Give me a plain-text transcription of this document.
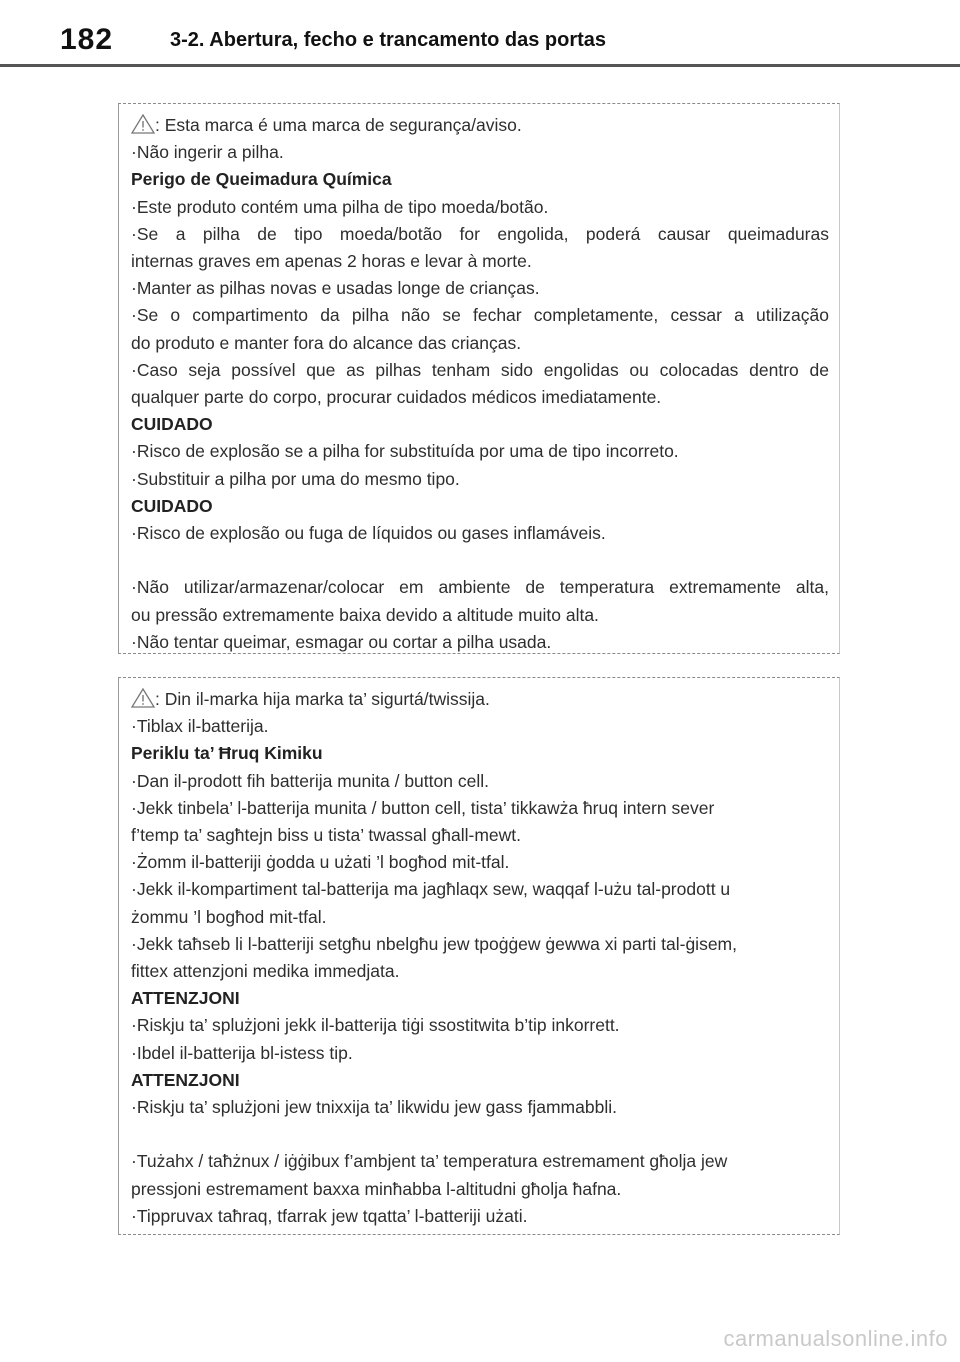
182	3-2. Abertura, fecho e trancamento das portas
: Esta marca é uma marca de segurança/aviso.
·Não ingerir a pilha.
Perigo de Queimadura Química
·Este produto contém uma pilha de tipo moeda/botão.
·Se a pilha de tipo moeda/botão for engolida, poderá causar queimaduras
internas graves em apenas 2 horas e levar à morte.
·Manter as pilhas novas e usadas longe de crianças.
·Se o compartimento da pilha não se fechar completamente, cessar a utilização
do produto e manter fora do alcance das crianças.
·Caso seja possível que as pilhas tenham sido engolidas ou colocadas dentro de
qualquer parte do corpo, procurar cuidados médicos imediatamente.
CUIDADO
·Risco de explosão se a pilha for substituída por uma de tipo incorreto.
·Substituir a pilha por uma do mesmo tipo.
CUIDADO
·Risco de explosão ou fuga de líquidos ou gases inflamáveis.
·Não utilizar/armazenar/colocar em ambiente de temperatura extremamente alta,
ou pressão extremamente baixa devido a altitude muito alta.
·Não tentar queimar, esmagar ou cortar a pilha usada.
: Din il-marka hija marka ta’ sigurtá/twissija.
·Tiblax il-batterija.
Periklu ta’ Ħruq Kimiku
·Dan il-prodott fih batterija munita / button cell.
·Jekk tinbela’ l-batterija munita / button cell, tista’ tikkawża ħruq intern sever
f’temp ta’ sagħtejn biss u tista’ twassal għall-mewt.
·Żomm il-batteriji ġodda u użati ’l bogħod mit-tfal.
·Jekk il-kompartiment tal-batterija ma jagħlaqx sew, waqqaf l-użu tal-prodott u
żommu ’l bogħod mit-tfal.
·Jekk taħseb li l-batteriji setgħu nbelgħu jew tpoġġew ġewwa xi parti tal-ġisem,
fittex attenzjoni medika immedjata.
ATTENZJONI
·Riskju ta’ splużjoni jekk il-batterija tiġi ssostitwita b’tip inkorrett.
·Ibdel il-batterija bl-istess tip.
ATTENZJONI
·Riskju ta’ splużjoni jew tnixxija ta’ likwidu jew gass fjammabbli.
·Tużahx / taħżnux / iġġibux f’ambjent ta’ temperatura estremament għolja jew
pressjoni estremament baxxa minħabba l-altitudni għolja ħafna.
·Tippruvax taħraq, tfarrak jew tqatta’ l-batteriji użati.
carmanualsonline.info
